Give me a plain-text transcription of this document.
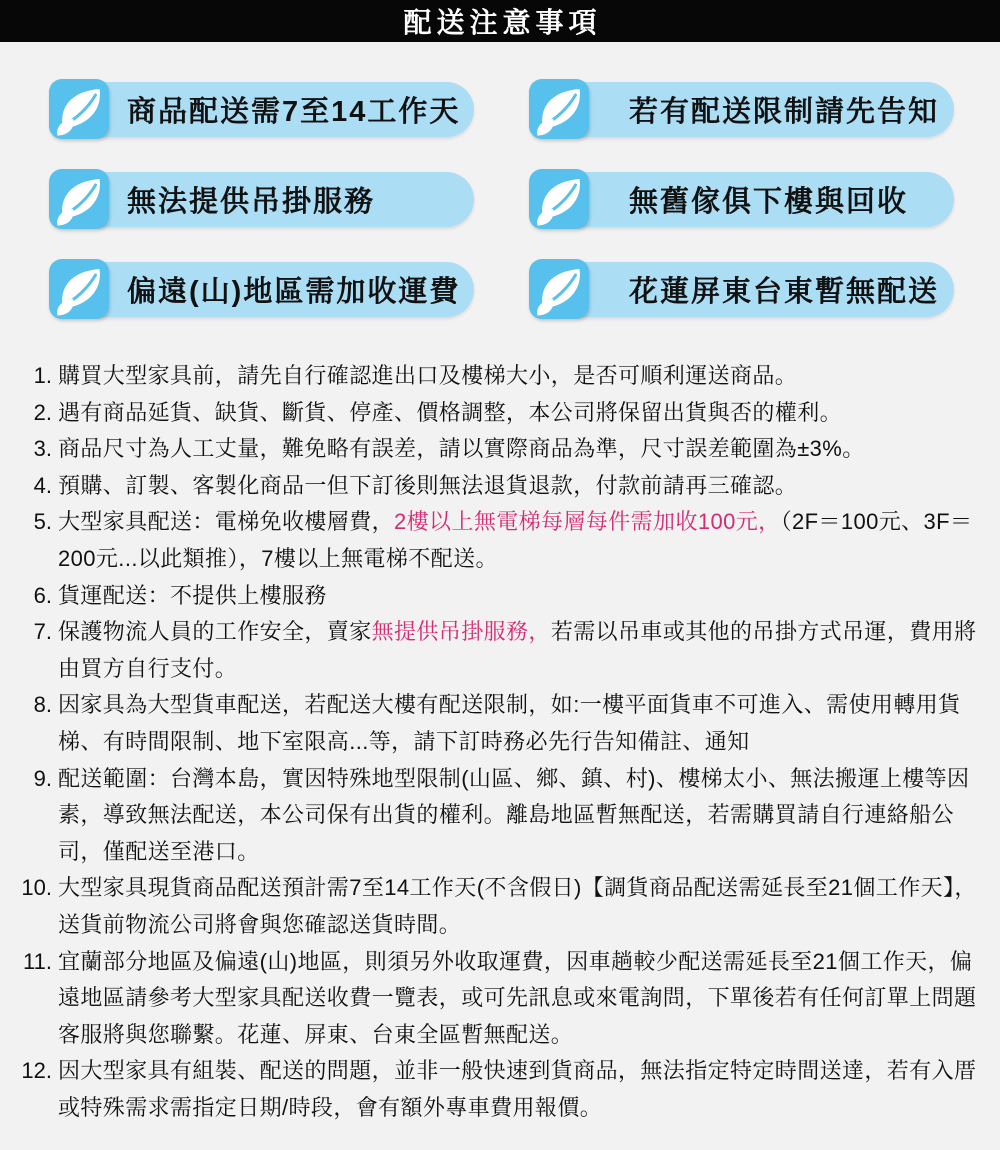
配送注意事項
商品配送需7至14工作天	若有配送限制請先告知
無法提供吊掛服務	無舊傢俱下樓與回收
偏遠(山)地區需加收運費	花蓮屏東台東暫無配送
1. 購買大型家具前，請先自行確認進出口及樓梯大小，是否可順利運送商品。
2. 遇有商品延貨、缺貨、斷貨、停產、價格調整，本公司將保留出貨與否的權利。
3. 商品尺寸為人工丈量，難免略有誤差，請以實際商品為準，尺寸誤差範圍為±3%。
4. 預購、訂製、客製化商品一但下訂後則無法退貨退款，付款前請再三確認。
5. 大型家具配送：電梯免收樓層費，2樓以上無電梯每層每件需加收100元，（2F＝100元、3F＝200元...以此類推），7樓以上無電梯不配送。
6. 貨運配送：不提供上樓服務
7. 保護物流人員的工作安全，賣家無提供吊掛服務，若需以吊車或其他的吊掛方式吊運，費用將由買方自行支付。
8. 因家具為大型貨車配送，若配送大樓有配送限制，如:一樓平面貨車不可進入、需使用轉用貨梯、有時間限制、地下室限高...等，請下訂時務必先行告知備註、通知
9. 配送範圍：台灣本島，實因特殊地型限制(山區、鄉、鎮、村)、樓梯太小、無法搬運上樓等因素，導致無法配送，本公司保有出貨的權利。離島地區暫無配送，若需購買請自行連絡船公司，僅配送至港口。
10. 大型家具現貨商品配送預計需7至14工作天(不含假日)【調貨商品配送需延長至21個工作天】，送貨前物流公司將會與您確認送貨時間。
11. 宜蘭部分地區及偏遠(山)地區，則須另外收取運費，因車趟較少配送需延長至21個工作天，偏遠地區請參考大型家具配送收費一覽表，或可先訊息或來電詢問，下單後若有任何訂單上問題客服將與您聯繫。花蓮、屏東、台東全區暫無配送。
12. 因大型家具有組裝、配送的問題，並非一般快速到貨商品，無法指定特定時間送達，若有入厝或特殊需求需指定日期/時段，會有額外專車費用報價。
